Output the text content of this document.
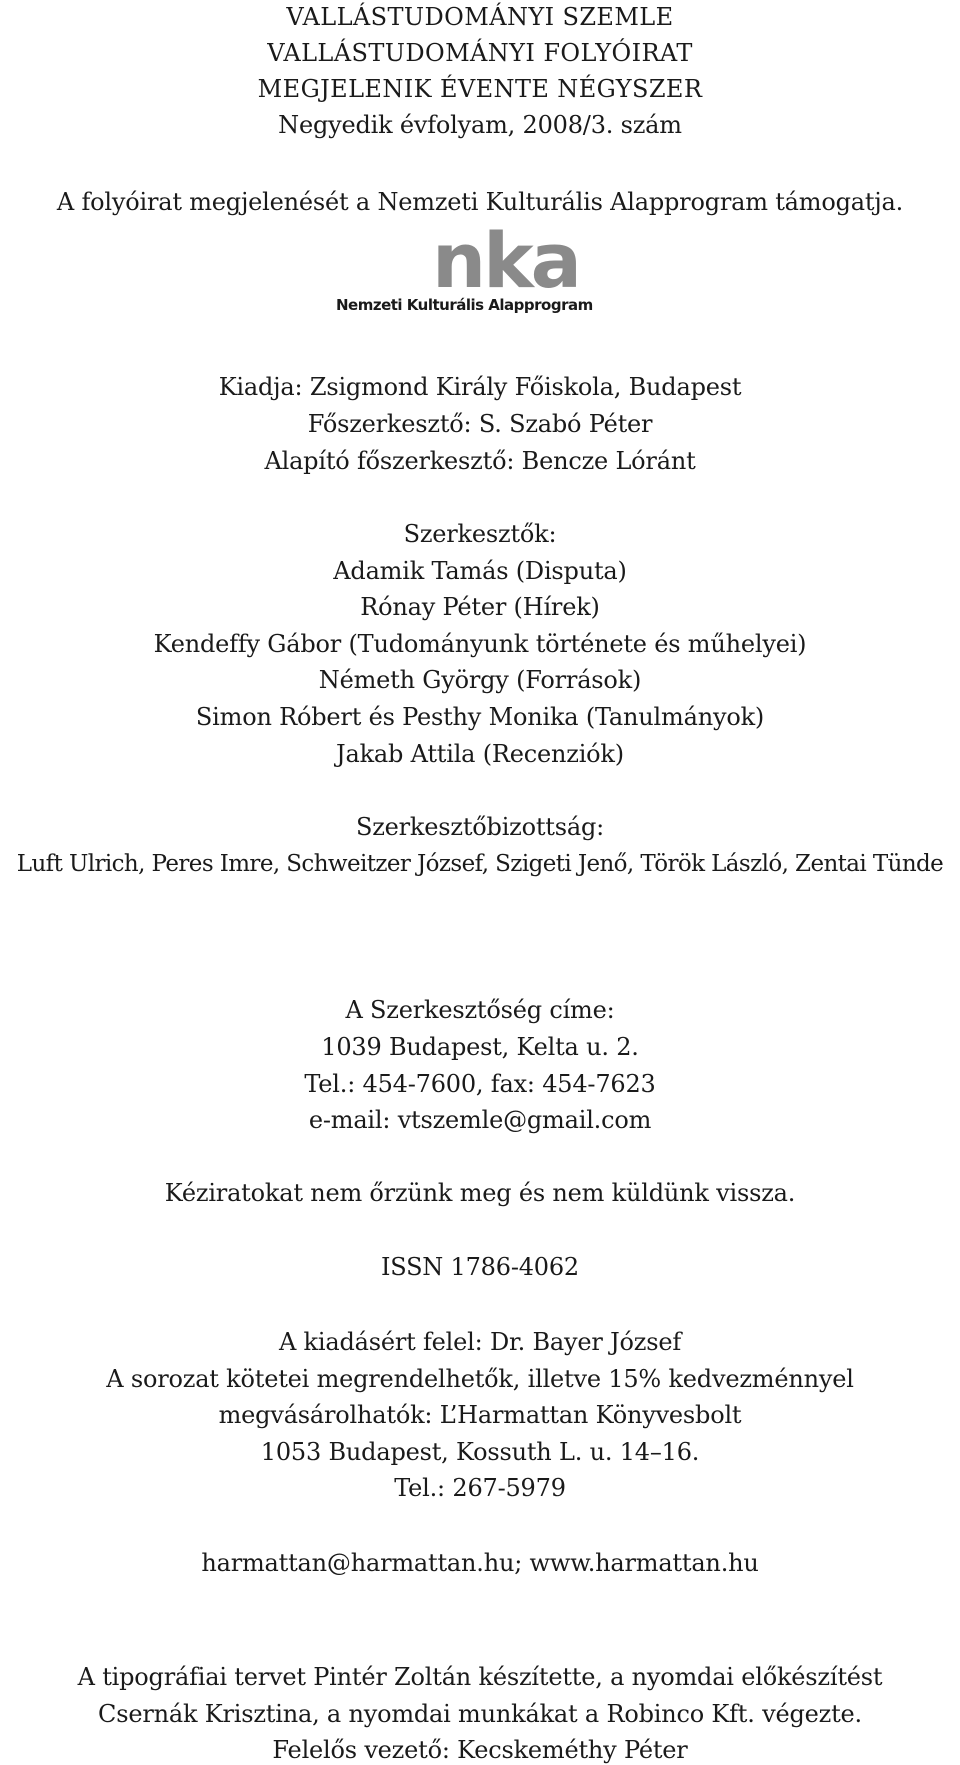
VALLÁSTUDOMÁNYI SZEMLE
VALLÁSTUDOMÁNYI FOLYÓIRAT
MEGJELENIK ÉVENTE NÉGYSZER
Negyedik évfolyam, 2008/3. szám
A folyóirat megjelenését a Nemzeti Kulturális Alapprogram támogatja.
nka
Nemzeti Kulturális Alapprogram
Kiadja: Zsigmond Király Főiskola, Budapest
Főszerkesztő: S. Szabó Péter
Alapító főszerkesztő: Bencze Lóránt
Szerkesztők:
Adamik Tamás (Disputa)
Rónay Péter (Hírek)
Kendeffy Gábor (Tudományunk története és műhelyei)
Németh György (Források)
Simon Róbert és Pesthy Monika (Tanulmányok)
Jakab Attila (Recenziók)
Szerkesztőbizottság:
Luft Ulrich, Peres Imre, Schweitzer József, Szigeti Jenő, Török László, Zentai Tünde
A Szerkesztőség címe:
1039 Budapest, Kelta u. 2.
Tel.: 454-7600, fax: 454-7623
e-mail: vtszemle@gmail.com
Kéziratokat nem őrzünk meg és nem küldünk vissza.
ISSN 1786-4062
A kiadásért felel: Dr. Bayer József
A sorozat kötetei megrendelhetők, illetve 15% kedvezménnyel
megvásárolhatók: L’Harmattan Könyvesbolt
1053 Budapest, Kossuth L. u. 14–16.
Tel.: 267-5979
harmattan@harmattan.hu; www.harmattan.hu
A tipográfiai tervet Pintér Zoltán készítette, a nyomdai előkészítést
Csernák Krisztina, a nyomdai munkákat a Robinco Kft. végezte.
Felelős vezető: Kecskeméthy Péter
